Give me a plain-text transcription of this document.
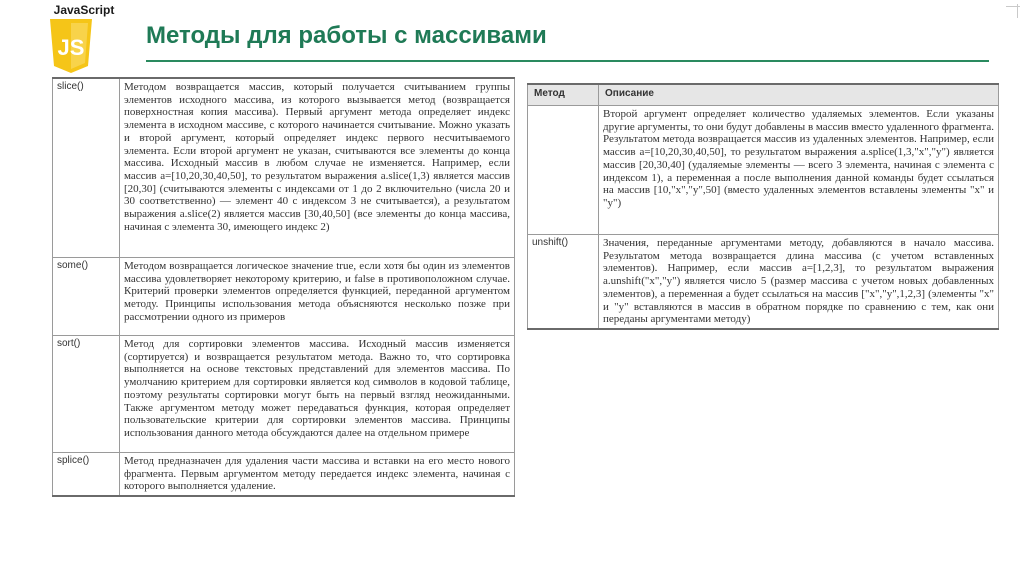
JavaScript
JS	Методы для работы с массивами
slice()	Методом возвращается массив, который получается считыванием группы элементов исходного массива, из которого вызывается метод (возвращается поверхностная копия массива). Первый аргумент метода определяет индекс элемента в исходном массиве, с которого начинается считывание. Можно указать и второй аргумент, который определяет индекс первого несчитываемого элемента. Если второй аргумент не указан, считываются все элементы до конца массива. Исходный массив в любом случае не изменяется. Например, если массив a=[10,20,30,40,50], то результатом выражения a.slice(1,3) является массив [20,30] (считываются элементы с индексами от 1 до 2 включительно (числа 20 и 30 соответственно) — элемент 40 с индексом 3 не считывается), а результатом выражения a.slice(2) является массив [30,40,50] (все элементы до конца массива, начиная с элемента 30, имеющего индекс 2)
some()	Методом возвращается логическое значение true, если хотя бы один из элементов массива удовлетворяет некоторому критерию, и false в противоположном случае. Критерий проверки элементов определяется функцией, переданной аргументом методу. Принципы использования метода объясняются несколько позже при рассмотрении одного из примеров
sort()	Метод для сортировки элементов массива. Исходный массив изменяется (сортируется) и возвращается результатом метода. Важно то, что сортировка выполняется на основе текстовых представлений для элементов массива. По умолчанию критерием для сортировки является код символов в кодовой таблице, поэтому результаты сортировки могут быть на первый взгляд неожиданными. Также аргументом методу может передаваться функция, которая определяет пользовательские критерии для сортировки элементов массива. Принципы использования данного метода обсуждаются далее на отдельном примере
splice()	Метод предназначен для удаления части массива и вставки на его место нового фрагмента. Первым аргументом методу передается индекс элемента, начиная с которого выполняется удаление.
Метод	Описание
	Второй аргумент определяет количество удаляемых элементов. Если указаны другие аргументы, то они будут добавлены в массив вместо удаленного фрагмента. Результатом метода возвращается массив из удаленных элементов. Например, если массив a=[10,20,30,40,50], то результатом выражения a.splice(1,3,"x","y") является массив [20,30,40] (удаляемые элементы — всего 3 элемента, начиная с элемента с индексом 1), а переменная a после выполнения данной команды будет ссылаться на массив [10,"x","y",50] (вместо удаленных элементов вставлены элементы "x" и "y")
unshift()	Значения, переданные аргументами методу, добавляются в начало массива. Результатом метода возвращается длина массива (с учетом вставленных элементов). Например, если массив a=[1,2,3], то результатом выражения a.unshift("x","y") является число 5 (размер массива с учетом новых добавленных элементов), а переменная a будет ссылаться на массив ["x","y",1,2,3] (элементы "x" и "y" вставляются в массив в обратном порядке по сравнению с тем, как они переданы аргументами методу)
